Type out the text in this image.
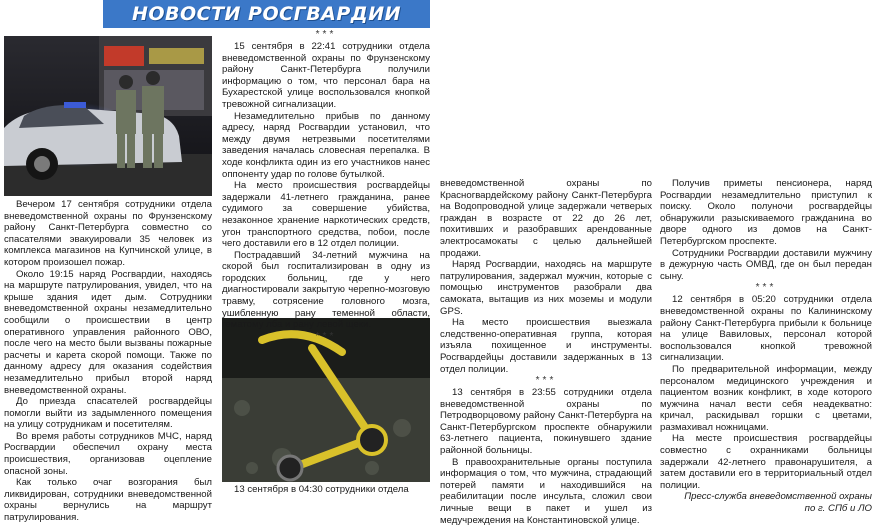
НОВОСТИ РОСГВАРДИИ

Вечером 17 сентября сотрудники отдела вневедомственной охраны по Фрунзенскому району Санкт-Петербурга совместно со спасателями эвакуировали 35 человек из комплекса магазинов на Купчинской улице, в котором произошел пожар.

Около 19:15 наряд Росгвардии, находясь на маршруте патрулирования, увидел, что на крыше здания идет дым. Сотрудники вневедомственной охраны незамедлительно сообщили о происшествии в центр оперативного управления районного ОВО, после чего на место были вызваны пожарные расчеты и карета скорой помощи. Также по данному адресу для оказания содействия незамедлительно прибыл второй наряд вневедомственной охраны.

До приезда спасателей росгвардейцы помогли выйти из задымленного помещения на улицу сотрудникам и посетителям.

Во время работы сотрудников МЧС, наряд Росгвардии обеспечил охрану места происшествия, организовав оцепление опасной зоны.

Как только очаг возгорания был ликвидирован, сотрудники вневедомственной охраны вернулись на маршрут патрулирования.

***

15 сентября в 22:41 сотрудники отдела вневедомственной охраны по Фрунзенскому району Санкт-Петербурга получили информацию о том, что персонал бара на Бухарестской улице воспользовался кнопкой тревожной сигнализации.

Незамедлительно прибыв по данному адресу, наряд Росгвардии установил, что между двумя нетрезвыми посетителями заведения началась словесная перепалка. В ходе конфликта один из его участников нанес оппоненту удар по голове бутылкой.

На место происшествия росгвардейцы задержали 41-летнего гражданина, ранее судимого за совершение убийства, незаконное хранение наркотических средств, угон транспортного средства, побои, после чего доставили его в 12 отдел полиции.

Пострадавший 34-летний мужчина на скорой был госпитализирован в одну из городских больниц, где у него диагностировали закрытую черепно-мозговую травму, сотрясение головного мозга, ушибленную рану теменной области, гематому лба и рану левой щеки.

***

13 сентября в 04:30 сотрудники отдела

вневедомственной охраны по Красногвардейскому району Санкт-Петербурга на Водопроводной улице задержали четверых граждан в возрасте от 22 до 26 лет, похитивших и разобравших арендованные электросамокаты с целью дальнейшей продажи.

Наряд Росгвардии, находясь на маршруте патрулирования, задержал мужчин, которые с помощью инструментов разобрали два самоката, вытащив из них моземы и модули GPS.

На место происшествия выезжала следственно-оперативная группа, которая изъяла похищенное и инструменты. Росгвардейцы доставили задержанных в 13 отдел полиции.

***

13 сентября в 23:55 сотрудники отдела вневедомственной охраны по Петродворцовому району Санкт-Петербурга на Санкт-Петербургском проспекте обнаружили 63-летнего пациента, покинувшего здание районной больницы.

В правоохранительные органы поступила информация о том, что мужчина, страдающий потерей памяти и находившийся на реабилитации после инсульта, сложил свои личные вещи в пакет и ушел из медучреждения на Константиновской улице.

Получив приметы пенсионера, наряд Росгвардии незамедлительно приступил к поиску. Около полуночи росгвардейцы обнаружили разыскиваемого гражданина во дворе одного из домов на Санкт-Петербургском проспекте.

Сотрудники Росгвардии доставили мужчину в дежурную часть ОМВД, где он был передан сыну.

***

12 сентября в 05:20 сотрудники отдела вневедомственной охраны по Калининскому району Санкт-Петербурга прибыли к больнице на улице Вавиловых, персонал которой воспользовался кнопкой тревожной сигнализации.

По предварительной информации, между персоналом медицинского учреждения и пациентом возник конфликт, в ходе которого мужчина начал вести себя неадекватно: кричал, раскидывал горшки с цветами, размахивал ножницами.

На месте происшествия росгвардейцы совместно с охранниками больницы задержали 42-летнего правонарушителя, а затем доставили его в территориальный отдел полиции.

Пресс-служба вневедомственной охраны по г. СПб и ЛО
